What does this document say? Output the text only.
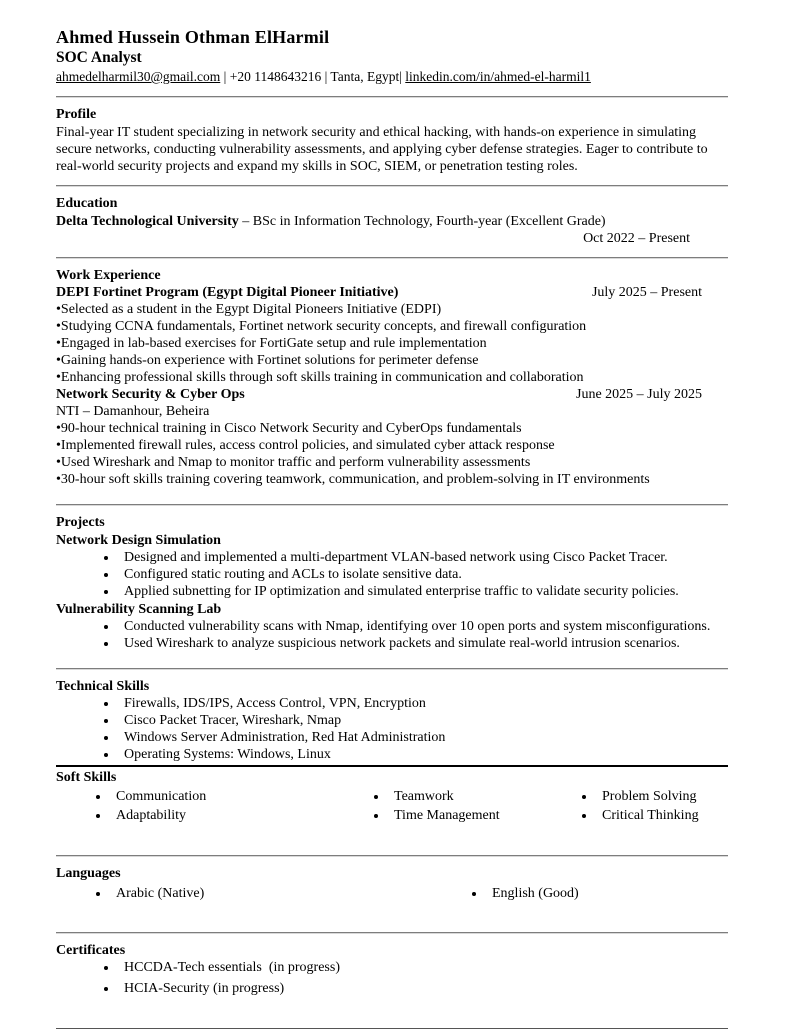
Ahmed Hussein Othman ElHarmil
SOC Analyst

ahmedelharmil30@gmail.com | +20 1148643216 | Tanta, Egypt| linkedin.com/in/ahmed-el-harmil1

Profile

Final-year IT student specializing in network security and ethical hacking, with hands-on experience in simulating secure networks, conducting vulnerability assessments, and applying cyber defense strategies. Eager to contribute to real-world security projects and expand my skills in SOC, SIEM, or penetration testing roles.

Education

Delta Technological University – BSc in Information Technology, Fourth-year (Excellent Grade)

Oct 2022 – Present

Work Experience
DEPI Fortinet Program (Egypt Digital Pioneer Initiative)	July 2025 – Present

• Selected as a student in the Egypt Digital Pioneers Initiative (EDPI)

• Studying CCNA fundamentals, Fortinet network security concepts, and firewall configuration

• Engaged in lab-based exercises for FortiGate setup and rule implementation

• Gaining hands-on experience with Fortinet solutions for perimeter defense

• Enhancing professional skills through soft skills training in communication and collaboration

Network Security & Cyber Ops	June 2025 – July 2025

NTI – Damanhour, Beheira

• 90-hour technical training in Cisco Network Security and CyberOps fundamentals

• Implemented firewall rules, access control policies, and simulated cyber attack response

• Used Wireshark and Nmap to monitor traffic and perform vulnerability assessments

• 30-hour soft skills training covering teamwork, communication, and problem-solving in IT environments

Projects

Network Design Simulation

• Designed and implemented a multi-department VLAN-based network using Cisco Packet Tracer.
• Configured static routing and ACLs to isolate sensitive data.
• Applied subnetting for IP optimization and simulated enterprise traffic to validate security policies.

Vulnerability Scanning Lab

• Conducted vulnerability scans with Nmap, identifying over 10 open ports and system misconfigurations.
• Used Wireshark to analyze suspicious network packets and simulate real-world intrusion scenarios.
Technical Skills
• Firewalls, IDS/IPS, Access Control, VPN, Encryption
• Cisco Packet Tracer, Wireshark, Nmap
• Windows Server Administration, Red Hat Administration
• Operating Systems: Windows, Linux
Soft Skills
• Communication
• Adaptability
• Teamwork
• Time Management
• Problem Solving
• Critical Thinking
Languages
• Arabic (Native)	• English (Good)
Certificates
• HCCDA-Tech essentials  (in progress)
• HCIA-Security (in progress)
